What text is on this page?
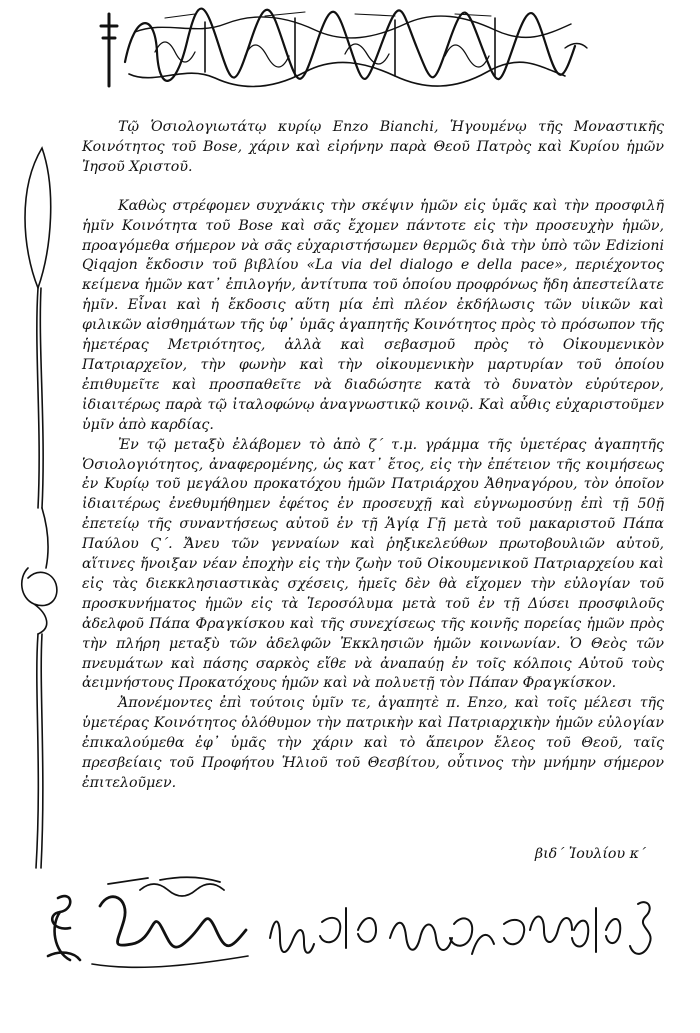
Τῷ Ὁσιολογιωτάτῳ κυρίῳ Enzo Bianchi, Ἡγουμένῳ τῆς Μοναστικῆς Κοινότητος τοῦ Bose, χάριν καὶ εἰρήνην παρὰ Θεοῦ Πατρὸς καὶ Κυρίου ἡμῶν Ἰησοῦ Χριστοῦ.

Καθὼς στρέφομεν συχνάκις τὴν σκέψιν ἡμῶν εἰς ὑμᾶς καὶ τὴν προσφιλῆ ἡμῖν Κοινότητα τοῦ Bose καὶ σᾶς ἔχομεν πάντοτε εἰς τὴν προσευχὴν ἡμῶν, προαγόμεθα σήμερον νὰ σᾶς εὐχαριστήσωμεν θερμῶς διὰ τὴν ὑπὸ τῶν Edizioni Qiqajon ἔκδοσιν τοῦ βιβλίου «La via del dialogo e della pace», περιέχοντος κείμενα ἡμῶν κατ᾽ ἐπιλογήν, ἀντίτυπα τοῦ ὁποίου προφρόνως ἤδη ἀπεστείλατε ἡμῖν. Εἶναι καὶ ἡ ἔκδοσις αὕτη μία ἐπὶ πλέον ἐκδήλωσις τῶν υἱικῶν καὶ φιλικῶν αἰσθημάτων τῆς ὑφ᾽ ὑμᾶς ἀγαπητῆς Κοινότητος πρὸς τὸ πρόσωπον τῆς ἡμετέρας Μετριότητος, ἀλλὰ καὶ σεβασμοῦ πρὸς τὸ Οἰκουμενικὸν Πατριαρχεῖον, τὴν φωνὴν καὶ τὴν οἰκουμενικὴν μαρτυρίαν τοῦ ὁποίου ἐπιθυμεῖτε καὶ προσπαθεῖτε νὰ διαδώσητε κατὰ τὸ δυνατὸν εὐρύτερον, ἰδιαιτέρως παρὰ τῷ ἰταλοφώνῳ ἀναγνωστικῷ κοινῷ. Καὶ αὖθις εὐχαριστοῦμεν ὑμῖν ἀπὸ καρδίας.

Ἐν τῷ μεταξὺ ἐλάβομεν τὸ ἀπὸ ζ´ τ.μ. γράμμα τῆς ὑμετέρας ἀγαπητῆς Ὁσιολογιότητος, ἀναφερομένης, ὡς κατ᾽ ἔτος, εἰς τὴν ἐπέτειον τῆς κοιμήσεως ἐν Κυρίῳ τοῦ μεγάλου προκατόχου ἡμῶν Πατριάρχου Ἀθηναγόρου, τὸν ὁποῖον ἰδιαιτέρως ἐνεθυμήθημεν ἐφέτος ἐν προσευχῇ καὶ εὐγνωμοσύνῃ ἐπὶ τῇ 50ῇ ἐπετείῳ τῆς συναντήσεως αὐτοῦ ἐν τῇ Ἁγίᾳ Γῇ μετὰ τοῦ μακαριστοῦ Πάπα Παύλου Ϛ´. Ἄνευ τῶν γενναίων καὶ ῥηξικελεύθων πρωτοβουλιῶν αὐτοῦ, αἵτινες ἤνοιξαν νέαν ἐποχὴν εἰς τὴν ζωὴν τοῦ Οἰκουμενικοῦ Πατριαρχείου καὶ εἰς τὰς διεκκλησιαστικὰς σχέσεις, ἡμεῖς δὲν θὰ εἴχομεν τὴν εὐλογίαν τοῦ προσκυνήματος ἡμῶν εἰς τὰ Ἱεροσόλυμα μετὰ τοῦ ἐν τῇ Δύσει προσφιλοῦς ἀδελφοῦ Πάπα Φραγκίσκου καὶ τῆς συνεχίσεως τῆς κοινῆς πορείας ἡμῶν πρὸς τὴν πλήρη μεταξὺ τῶν ἀδελφῶν Ἐκκλησιῶν ἡμῶν κοινωνίαν. Ὁ Θεὸς τῶν πνευμάτων καὶ πάσης σαρκὸς εἴθε νὰ ἀναπαύῃ ἐν τοῖς κόλποις Αὐτοῦ τοὺς ἀειμνήστους Προκατόχους ἡμῶν καὶ νὰ πολυετῇ τὸν Πάπαν Φραγκίσκον.

Ἀπονέμοντες ἐπὶ τούτοις ὑμῖν τε, ἀγαπητὲ π. Enzo, καὶ τοῖς μέλεσι τῆς ὑμετέρας Κοινότητος ὁλόθυμον τὴν πατρικὴν καὶ Πατριαρχικὴν ἡμῶν εὐλογίαν ἐπικαλούμεθα ἐφ᾽ ὑμᾶς τὴν χάριν καὶ τὸ ἄπειρον ἔλεος τοῦ Θεοῦ, ταῖς πρεσβείαις τοῦ Προφήτου Ἡλιοῦ τοῦ Θεσβίτου, οὗτινος τὴν μνήμην σήμερον ἐπιτελοῦμεν.

βιδ´ Ἰουλίου κ´
